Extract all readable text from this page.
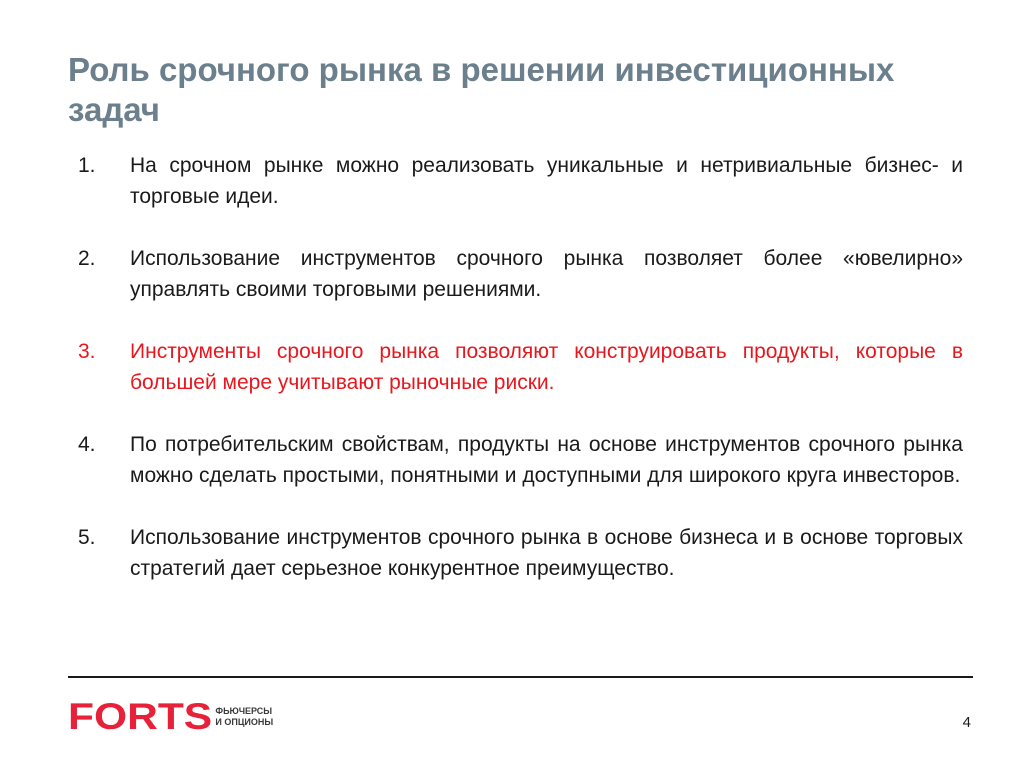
Роль срочного рынка в решении инвестиционных задач
1.	На срочном рынке можно реализовать уникальные и нетривиальные бизнес- и торговые идеи.
2.	Использование инструментов срочного рынка позволяет более «ювелирно» управлять своими торговыми решениями.
3.	Инструменты срочного рынка позволяют конструировать продукты, которые в большей мере учитывают рыночные риски.
4.	По потребительским свойствам, продукты на основе инструментов срочного рынка можно сделать простыми, понятными и доступными для широкого круга инвесторов.
5.	Использование инструментов срочного рынка в основе бизнеса и в основе торговых стратегий дает серьезное конкурентное преимущество.
FORTS ФЬЮЧЕРСЫ
И ОПЦИОНЫ	4
